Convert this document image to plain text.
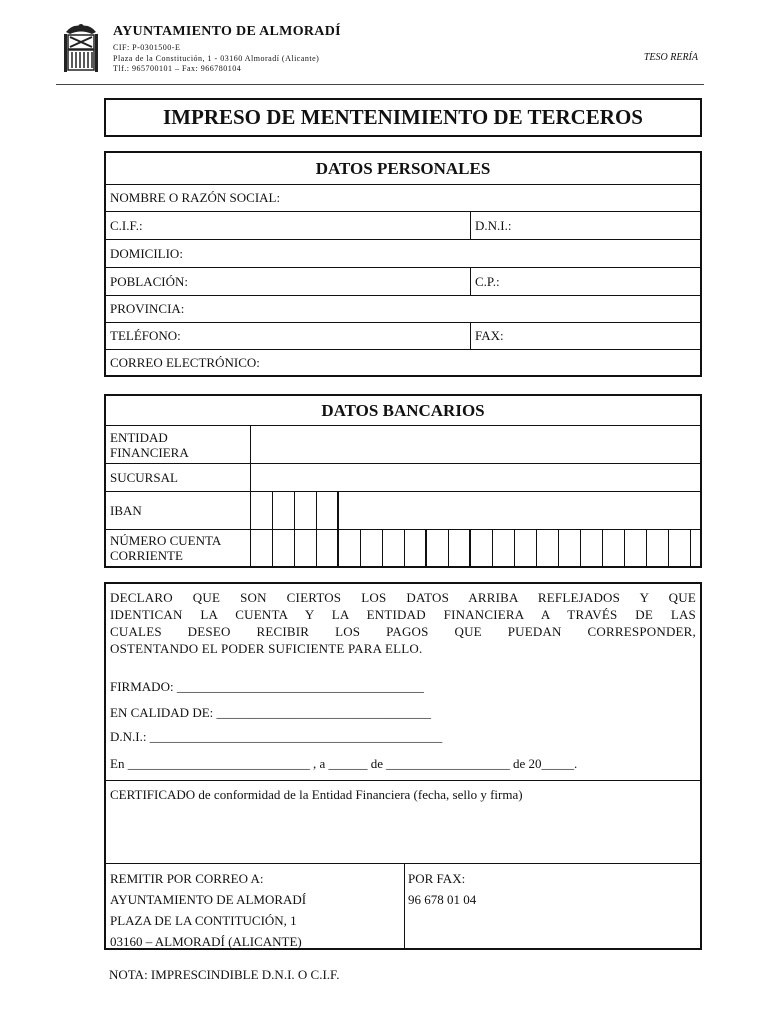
AYUNTAMIENTO DE ALMORADÍ
CIF: P-0301500-E
Plaza de la Constitución, 1 - 03160 Almoradí (Alicante)
Tlf.: 965700101 – Fax: 966780104
TESO RERÍA
IMPRESO DE MENTENIMIENTO DE TERCEROS
DATOS PERSONALES
NOMBRE O RAZÓN SOCIAL:
C.I.F.:	D.N.I.:
DOMICILIO:
POBLACIÓN:	C.P.:
PROVINCIA:
TELÉFONO:	FAX:
CORREO ELECTRÓNICO:
DATOS BANCARIOS
ENTIDAD
FINANCIERA
SUCURSAL
IBAN
NÚMERO CUENTA
CORRIENTE
DECLARO QUE SON CIERTOS LOS DATOS ARRIBA REFLEJADOS Y QUE
IDENTICAN LA CUENTA Y LA ENTIDAD FINANCIERA A TRAVÉS DE LAS
CUALES DESEO RECIBIR LOS PAGOS QUE PUEDAN CORRESPONDER,
OSTENTANDO EL PODER SUFICIENTE PARA ELLO.
FIRMADO: ______________________________________
EN CALIDAD DE: _________________________________
D.N.I.: _____________________________________________
En ____________________________ , a ______ de ___________________ de 20_____.
CERTIFICADO de conformidad de la Entidad Financiera (fecha, sello y firma)
REMITIR POR CORREO A:
AYUNTAMIENTO DE ALMORADÍ
PLAZA DE LA CONTITUCIÓN, 1
03160 – ALMORADÍ (ALICANTE)
POR FAX:
96 678 01 04
NOTA: IMPRESCINDIBLE D.N.I. O C.I.F.
